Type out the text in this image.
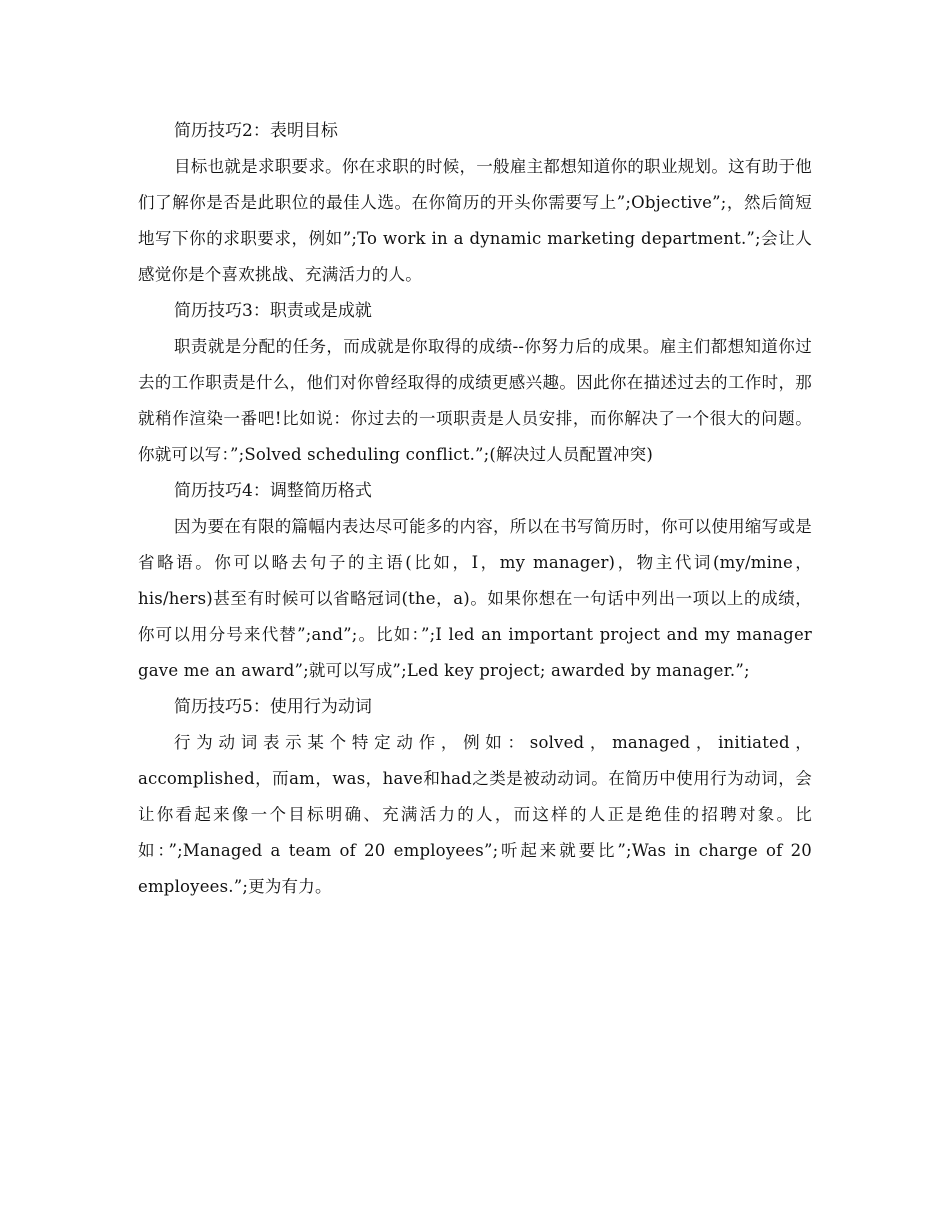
简历技巧2：表明目标

目标也就是求职要求。你在求职的时候，一般雇主都想知道你的职业规划。这有助于他们了解你是否是此职位的最佳人选。在你简历的开头你需要写上”;Objective”;，然后简短地写下你的求职要求，例如”;To work in a dynamic marketing department.”;会让人感觉你是个喜欢挑战、充满活力的人。

简历技巧3：职责或是成就

职责就是分配的任务，而成就是你取得的成绩--你努力后的成果。雇主们都想知道你过去的工作职责是什么，他们对你曾经取得的成绩更感兴趣。因此你在描述过去的工作时，那就稍作渲染一番吧!比如说：你过去的一项职责是人员安排，而你解决了一个很大的问题。你就可以写：”;Solved scheduling conflict.”;(解决过人员配置冲突)

简历技巧4：调整简历格式

因为要在有限的篇幅内表达尽可能多的内容，所以在书写简历时，你可以使用缩写或是省略语。你可以略去句子的主语(比如，I，my manager)，物主代词(my/mine，his/hers)甚至有时候可以省略冠词(the，a)。如果你想在一句话中列出一项以上的成绩，你可以用分号来代替”;and”;。比如：”;I led an important project and my manager gave me an award”;就可以写成”;Led key project; awarded by manager.”;

简历技巧5：使用行为动词

行为动词表示某个特定动作，例如：solved，managed，initiated，accomplished，而am，was，have和had之类是被动动词。在简历中使用行为动词，会让你看起来像一个目标明确、充满活力的人，而这样的人正是绝佳的招聘对象。比如：”;Managed a team of 20 employees”;听起来就要比”;Was in charge of 20 employees.”;更为有力。
